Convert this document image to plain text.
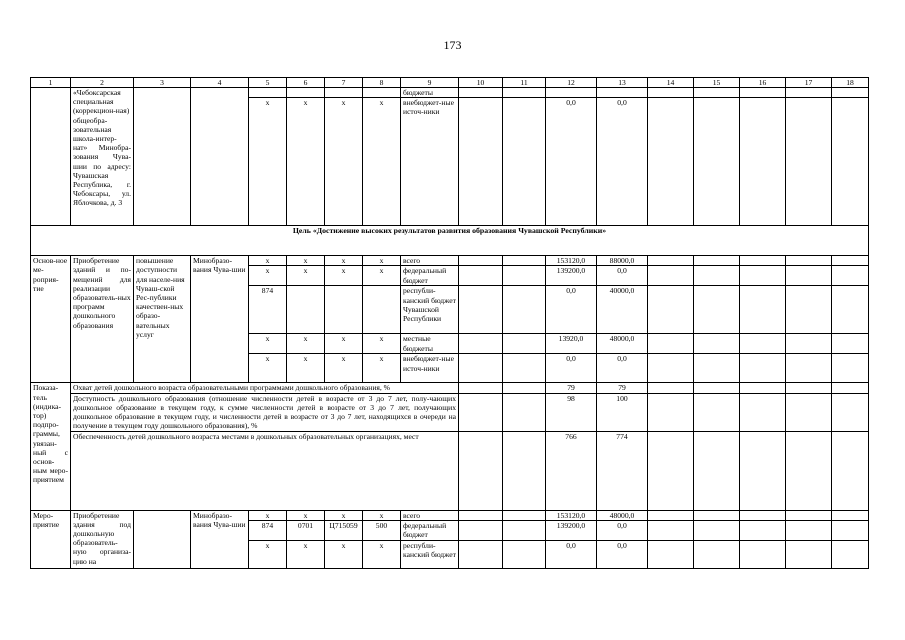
173
1	2	3	4	5	6	7	8	9	10	11	12	13	14	15	16	17	18
	«Чебоксарская специальная (коррекцион-ная) общеобра-зовательная школа-интер-нат» Минобра-зования Чува-шии по адресу: Чувашская Республика, г. Чебоксары, ул. Яблочкова, д. 3							бюджеты									
				x	x	x	x	внебюджет-ные источ-ники			0,0	0,0					
Цель «Достижение высоких результатов развития образования Чувашской Республики»																	
Основ-ное ме-роприя-тие	Приобретение зданий и по-мещений для реализации образователь-ных программ дошкольного образования	повышение доступности для населе-ния Чуваш-ской Рес-публики качествен-ных образо-вательных услуг	Минобразо-вания Чува-шии	x	x	x	x	всего			153120,0	88000,0					
				x	x	x	x	федеральный бюджет			139200,0	0,0					
				874				республи-канский бюджет Чувашской Республики			0,0	40000,0					
				x	x	x	x	местные бюджеты			13920,0	48000,0					
				x	x	x	x	внебюджет-ные источ-ники			0,0	0,0					
Показа-тель (индика-тор) подпро-граммы, увязан-ный с основ-ным меро-приятием	Охват детей дошкольного возраста образовательными программами дошкольного образования, %										79	79					
	Доступность дошкольного образования (отношение численности детей в возрасте от 3 до 7 лет, полу-чающих дошкольное образование в текущем году, к сумме численности детей в возрасте от 3 до 7 лет, получающих дошкольное образование в текущем году, и численности детей в возрасте от 3 до 7 лет, находящихся в очереди на получение в текущем году дошкольного образования), %										98	100					
	Обеспеченность детей дошкольного возраста местами в дошкольных образовательных организациях, мест										766	774					
Меро-приятие	Приобретение здания под дошкольную образователь-ную организа-цию на		Минобразо-вания Чува-шии	x	x	x	x	всего			153120,0	48000,0					
				874	0701	Ц715059	500	федеральный бюджет			139200,0	0,0					
				x	x	x	x	республи-канский бюджет			0,0	0,0					
